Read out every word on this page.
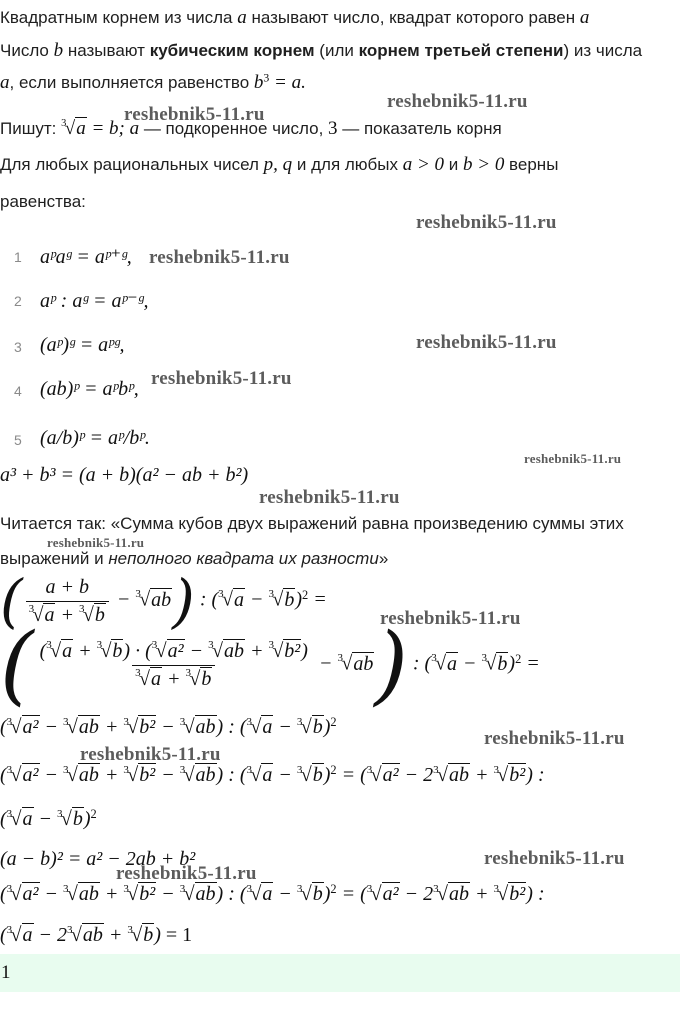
Квадратным корнем из числа a называют число, квадрат которого равен a
Число b называют кубическим корнем (или корнем третьей степени) из числа
a, если выполняется равенство $b^3 = a$.
Пишут: $^3$√a = b; a — подкоренное число, 3 — показатель корня
Для любых рациональных чисел p, q и для любых a > 0 и b > 0 верны
равенства:
1 aᵖaᵍ = aᵖ⁺ᵍ,
2 aᵖ : aᵍ = aᵖ⁻ᵍ,
3 (aᵖ)ᵍ = aᵖᵍ,
4 (ab)ᵖ = aᵖbᵖ,
5 (a/b)ᵖ = aᵖ/bᵖ.
a³ + b³ = (a + b)(a² − ab + b²)
Читается так: «Сумма кубов двух выражений равна произведению суммы этих
выражений и неполного квадрата их разности»
( $\frac{a + b}{^3√a + ^3√b} - ^3√ab$) : $(^3√a - ^3√b)^2$ =
( $\frac{(^3√a + ^3√b) \cdot (^3√a^2 - ^3√ab + ^3√b^2)}{^3√a + ^3√b} - ^3√ab$) : $(^3√a - ^3√b)^2$ =
($^3$√a² − $^3$√ab + $^3$√b² − $^3$√ab) : $(^3√a - ^3√b)^2$
($^3$√a² − $^3$√ab + $^3$√b² − $^3$√ab) : $(^3√a - ^3√b)^2 = (^3√a^2 - 2^3√ab + ^3√b^2)$ :
$(^3√a - ^3√b)^2$
(a − b)² = a² − 2ab + b²
($^3$√a² − $^3$√ab + $^3$√b² − $^3$√ab) : $(^3√a - ^3√b)^2 = (^3√a^2 - 2^3√ab + ^3√b^2)$ :
$(^3√a - 2^3√ab + ^3√b) = 1$
1
reshebnik5-11.ru
reshebnik5-11.ru
reshebnik5-11.ru
reshebnik5-11.ru
reshebnik5-11.ru
reshebnik5-11.ru
reshebnik5-11.ru
reshebnik5-11.ru
reshebnik5-11.ru
reshebnik5-11.ru
reshebnik5-11.ru
reshebnik5-11.ru
reshebnik5-11.ru
reshebnik5-11.ru
